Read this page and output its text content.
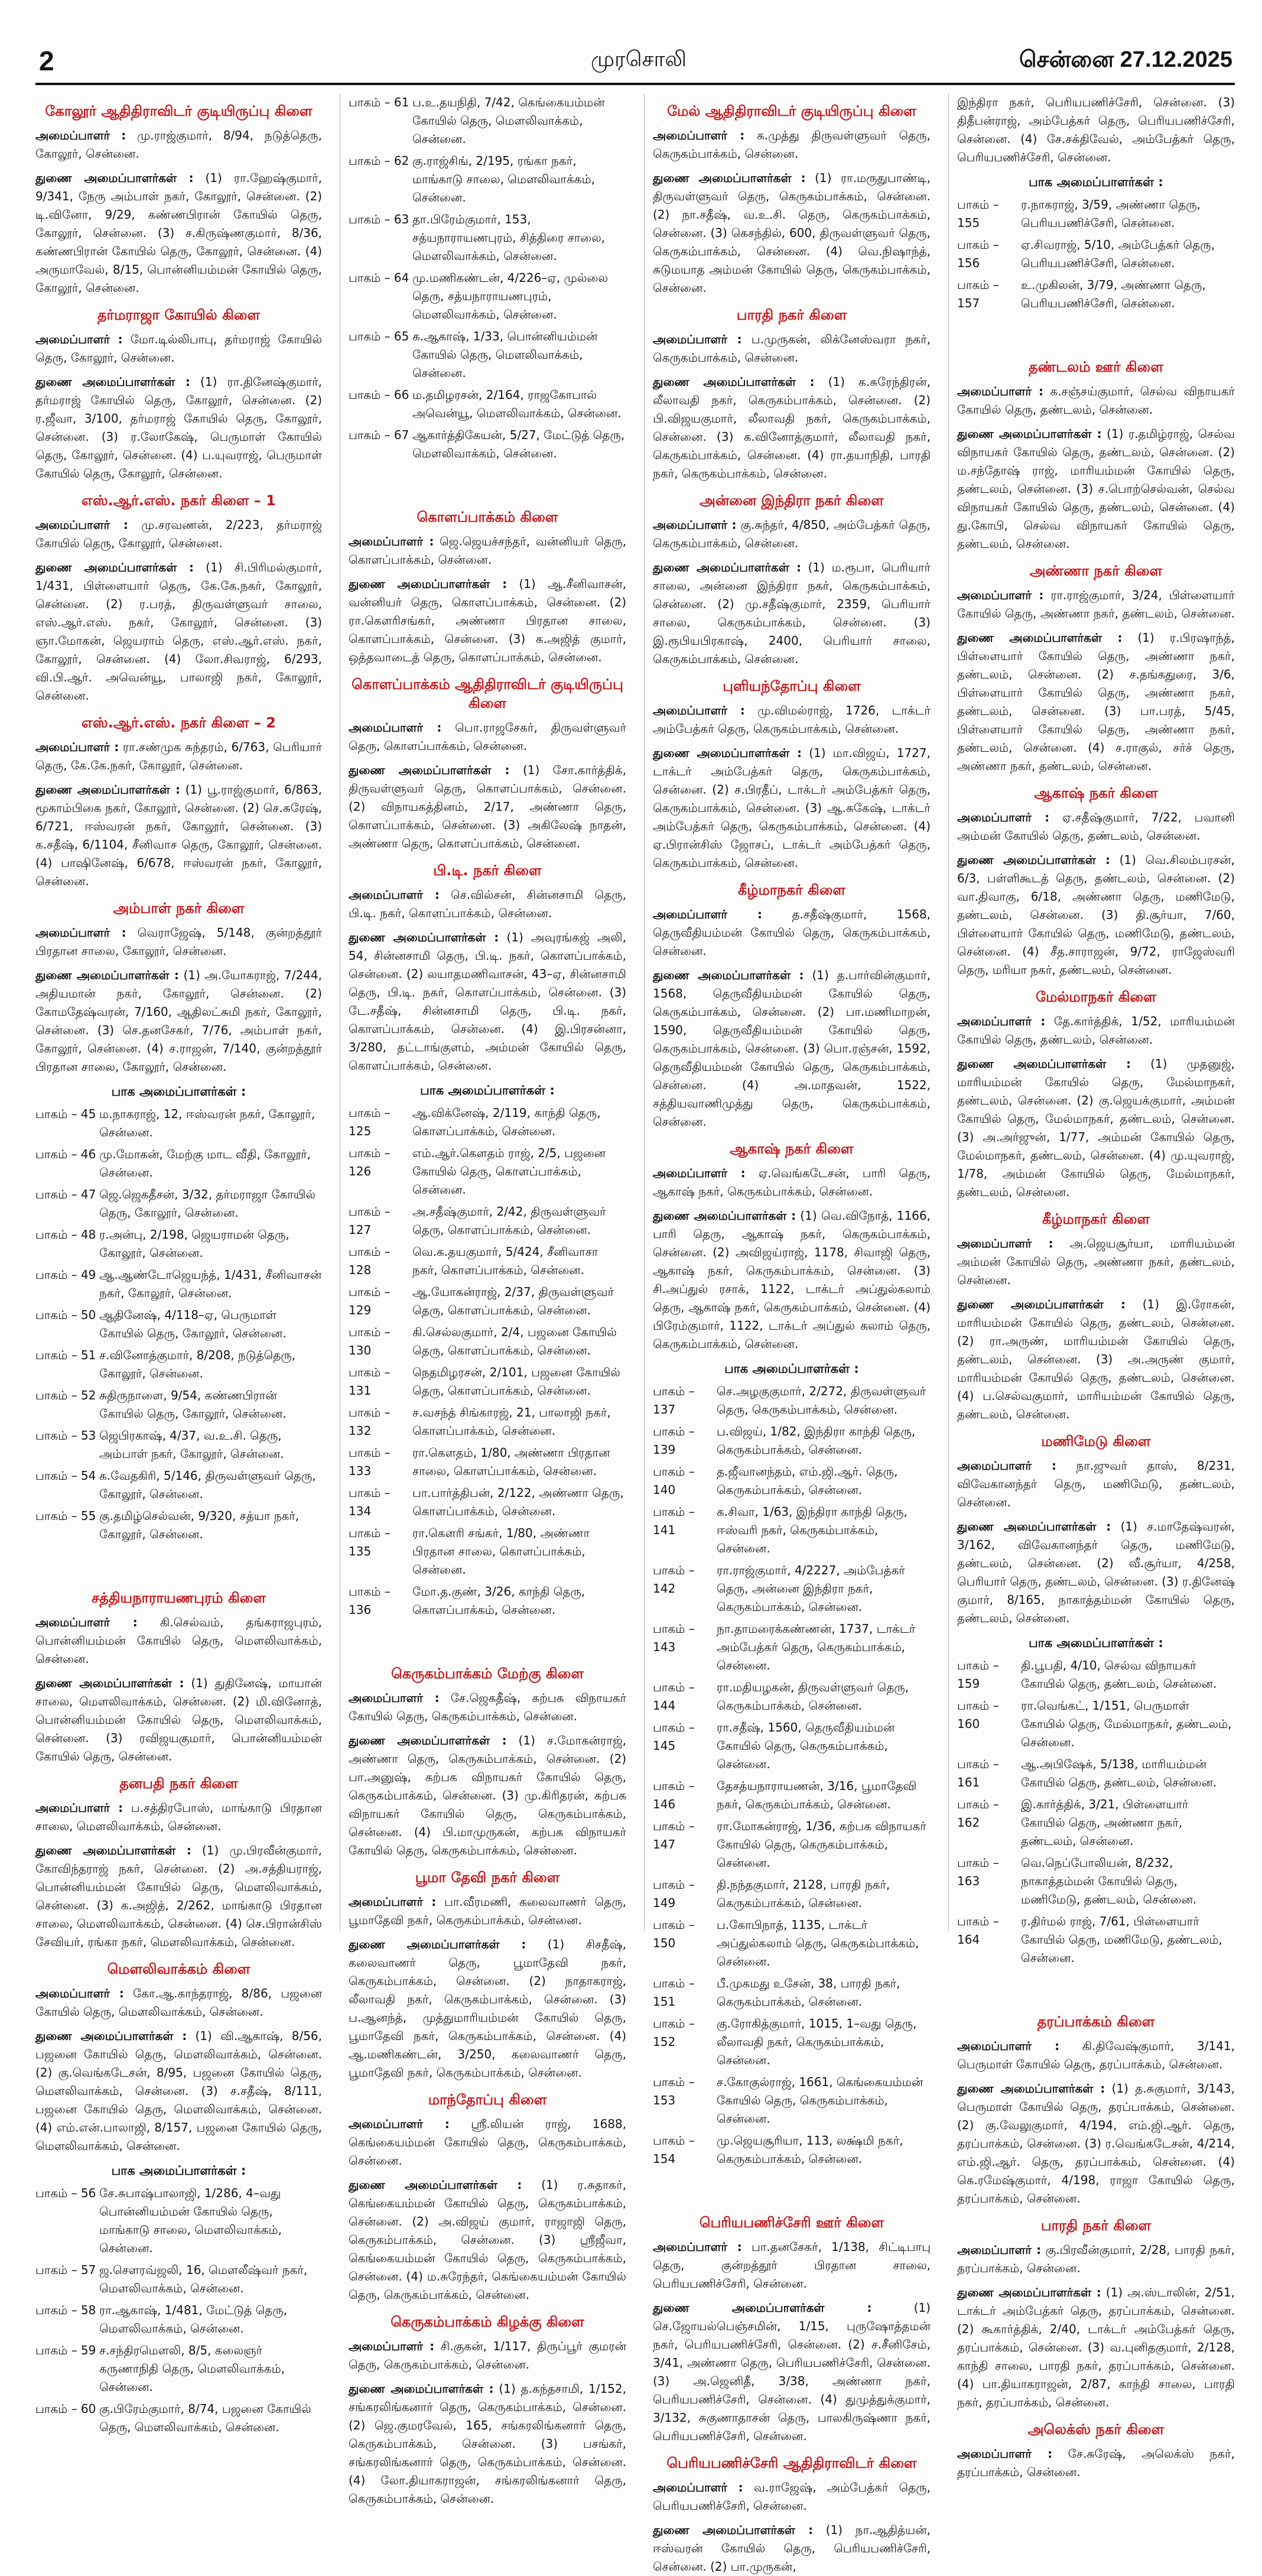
2	முரசொலி	சென்னை 27.12.2025
கோலூர் ஆதிதிராவிடர் குடியிருப்பு கிளை
அமைப்பாளர் : மு.ராஜ்குமார், 8/94, நடுத்தெரு, கோலூர், சென்னை.
துணை அமைப்பாளர்கள் : (1) ரா.ஹேஷ்குமார், 9/341, நேரு அம்பாள் நகர், கோலூர், சென்னை. (2) டி.வினோ, 9/29, கண்ணபிரான் கோயில் தெரு, கோலூர், சென்னை. (3) ச.கிருஷ்ணகுமார், 8/36, கண்ணபிரான் கோயில் தெரு, கோலூர், சென்னை. (4) அருமாவேல், 8/15, பொன்னியம்மன் கோயில் தெரு, கோலூர், சென்னை.
தர்மராஜா கோயில் கிளை
அமைப்பாளர் : மோ.டில்லிபாபு, தர்மராஜ் கோயில் தெரு, கோலூர், சென்னை.
துணை அமைப்பாளர்கள் : (1) ரா.தினேஷ்குமார், தர்மராஜ் கோயில் தெரு, கோலூர், சென்னை. (2) ர.ஜீவா, 3/100, தர்மராஜ் கோயில் தெரு, கோலூர், சென்னை. (3) ர.லோகேஷ், பெருமாள் கோயில் தெரு, கோலூர், சென்னை. (4) ப.யுவராஜ், பெருமாள் கோயில் தெரு, கோலூர், சென்னை.
எஸ்.ஆர்.எஸ். நகர் கிளை – 1
அமைப்பாளர் : மு.சரவணன், 2/223, தர்மராஜ் கோயில் தெரு, கோலூர், சென்னை.
துணை அமைப்பாளர்கள் : (1) சி.பிரிமல்குமார், 1/431, பிள்ளையார் தெரு, கே.கே.நகர், கோலூர், சென்னை. (2) ர.பரத், திருவள்ளுவர் சாலை, எஸ்.ஆர்.எஸ். நகர், கோலூர், சென்னை. (3) ஞா.மோகன், ஜெயராம் தெரு, எஸ்.ஆர்.எஸ். நகர், கோலூர், சென்னை. (4) லோ.சிவராஜ், 6/293, வி.பி.ஆர். அவென்யூ, பாலாஜி நகர், கோலூர், சென்னை.
எஸ்.ஆர்.எஸ். நகர் கிளை – 2
அமைப்பாளர் : ரா.சண்முக சுந்தரம், 6/763, பெரியார் தெரு, கே.கே.நகர், கோலூர், சென்னை.
துணை அமைப்பாளர்கள் : (1) பூ.ராஜ்குமார், 6/863, மூகாம்பிகை நகர், கோலூர், சென்னை. (2) செ.சுரேஷ், 6/721, ஈஸ்வரன் நகர், கோலூர், சென்னை. (3) க.சதீஷ், 6/1104, சீனிவாச தெரு, கோலூர், சென்னை. (4) பாஷினேஷ், 6/678, ஈஸ்வரன் நகர், கோலூர், சென்னை.
அம்பாள் நகர் கிளை
அமைப்பாளர் : வெராஜேஷ், 5/148, குன்றத்தூர் பிரதான சாலை, கோலூர், சென்னை.
துணை அமைப்பாளர்கள் : (1) அ.யோகராஜ், 7/244, அதியமான் நகர், கோலூர், சென்னை. (2) கோமதேஷ்வரன், 7/160, ஆதிலட்சுமி நகர், கோலூர், சென்னை. (3) செ.தனசேகர், 7/76, அம்பாள் நகர், கோலூர், சென்னை. (4) ச.ராஜன், 7/140, குன்றத்தூர் பிரதான சாலை, கோலூர், சென்னை.
பாக அமைப்பாளர்கள் :
பாகம் – 45 ம.நாகராஜ், 12, ஈஸ்வரன் நகர், கோலூர், சென்னை.
பாகம் – 46 மு.மோகன், மேற்கு மாட வீதி, கோலூர், சென்னை.
பாகம் – 47 ஜெ.ஜெகதீசன், 3/32, தர்மராஜா கோயில் தெரு, கோலூர், சென்னை.
பாகம் – 48 ர.அன்பு, 2/198, ஜெயராமன் தெரு, கோலூர், சென்னை.
பாகம் – 49 ஆ.ஆண்டோஜெயந்த், 1/431, சீனிவாசன் நகர், கோலூர், சென்னை.
பாகம் – 50 ஆதினேஷ், 4/118–ஏ, பெருமாள் கோயில் தெரு, கோலூர், சென்னை.
பாகம் – 51 ச.வினோத்குமார், 8/208, நடுத்தெரு, கோலூர், சென்னை.
பாகம் – 52 சுதிருநாளை, 9/54, கண்ணபிரான் கோயில் தெரு, கோலூர், சென்னை.
பாகம் – 53 ஜெபிரகாஷ், 4/37, வ.உ.சி. தெரு, அம்பாள் நகர், கோலூர், சென்னை.
பாகம் – 54 க.வேதகிரி, 5/146, திருவள்ளுவர் தெரு, கோலூர், சென்னை.
பாகம் – 55 கு.தமிழ்செல்வன், 9/320, சத்யா நகர், கோலூர், சென்னை.
சத்தியநாராயணபுரம் கிளை
அமைப்பாளர் : கி.செல்வம், தங்கராஜபுரம், பொன்னியம்மன் கோயில் தெரு, மௌலிவாக்கம், சென்னை.
துணை அமைப்பாளர்கள் : (1) துதினேஷ், மாயான் சாலை, மௌலிவாக்கம், சென்னை. (2) மி.வினோத், பொன்னியம்மன் கோயில் தெரு, மௌலிவாக்கம், சென்னை. (3) ரவிஜயகுமார், பொன்னியம்மன் கோயில் தெரு, சென்னை.
தனபதி நகர் கிளை
அமைப்பாளர் : ப.சத்திரபோஸ், மாங்காடு பிரதான சாலை, மௌலிவாக்கம், சென்னை.
துணை அமைப்பாளர்கள் : (1) மு.பிரவீன்குமார், கோவிந்தராஜ் நகர், சென்னை. (2) அ.சத்தியராஜ், பொன்னியம்மன் கோயில் தெரு, மௌலிவாக்கம், சென்னை. (3) க.அஜித், 2/262, மாங்காடு பிரதான சாலை, மௌலிவாக்கம், சென்னை. (4) செ.பிரான்சிஸ் சேவியர், ரங்கா நகர், மௌலிவாக்கம், சென்னை.
மௌலிவாக்கம் கிளை
அமைப்பாளர் : கோ.ஆ.காந்தராஜ், 8/86, பஜனை கோயில் தெரு, மௌலிவாக்கம், சென்னை.
துணை அமைப்பாளர்கள் : (1) வி.ஆகாஷ், 8/56, பஜனை கோயில் தெரு, மௌலிவாக்கம், சென்னை. (2) கு.வெங்கடேசன், 8/95, பஜனை கோயில் தெரு, மௌலிவாக்கம், சென்னை. (3) ச.சதீஷ், 8/111, பஜனை கோயில் தெரு, மௌலிவாக்கம், சென்னை. (4) எம்.என்.பாலாஜி, 8/157, பஜனை கோயில் தெரு, மௌலிவாக்கம், சென்னை.
பாக அமைப்பாளர்கள் :
பாகம் – 56 சே.சுபாஷ்பாலாஜி, 1/286, 4–வது பொன்னியம்மன் கோயில் தெரு, மாங்காடு சாலை, மௌலிவாக்கம், சென்னை.
பாகம் – 57 ஜ.சௌரவ்ஜலி, 16, மௌலீஷ்வர் நகர், மௌலிவாக்கம், சென்னை.
பாகம் – 58 ரா.ஆகாஷ், 1/481, மேட்டுத் தெரு, மௌலிவாக்கம், சென்னை.
பாகம் – 59 ச.சந்திரமௌலி, 8/5, கலைஞர் கருணாநிதி தெரு, மௌலிவாக்கம், சென்னை.
பாகம் – 60 கு.பிரேம்குமார், 8/74, பஜனை கோயில் தெரு, மௌலிவாக்கம், சென்னை.
பாகம் – 61 ப.உ.தயநிதி, 7/42, கெங்கையம்மன் கோயில் தெரு, மௌலிவாக்கம், சென்னை.
பாகம் – 62 கு.ராஜ்சிங், 2/195, ரங்கா நகர், மாங்காடு சாலை, மௌலிவாக்கம், சென்னை.
பாகம் – 63 தா.பிரேம்குமார், 153, சத்யநாராயணபுரம், சித்திரை சாலை, மௌலிவாக்கம், சென்னை.
பாகம் – 64 மு.மணிகண்டன், 4/226–ஏ, முல்லை தெரு, சத்யநாராயணபுரம், மௌலிவாக்கம், சென்னை.
பாகம் – 65 க.ஆகாஷ், 1/33, பொன்னியம்மன் கோயில் தெரு, மௌலிவாக்கம், சென்னை.
பாகம் – 66 ம.தமிழரசன், 2/164, ராஜகோபால் அவென்யூ, மௌலிவாக்கம், சென்னை.
பாகம் – 67 ஆகார்த்திகேயன், 5/27, மேட்டுத் தெரு, மௌலிவாக்கம், சென்னை.
கொளப்பாக்கம் கிளை
அமைப்பாளர் : ஜெ.ஜெயச்சந்தர், வன்னியர் தெரு, கொளப்பாக்கம், சென்னை.
துணை அமைப்பாளர்கள் : (1) ஆ.சீனிவாசன், வன்னியர் தெரு, கொளப்பாக்கம், சென்னை. (2) ரா.கௌரிசங்கர், அண்ணா பிரதான சாலை, கொளப்பாக்கம், சென்னை. (3) க.அஜித் குமார், ஒத்தவாடைத் தெரு, கொளப்பாக்கம், சென்னை.
கொளப்பாக்கம் ஆதிதிராவிடர் குடியிருப்பு கிளை
அமைப்பாளர் : பொ.ராஜசேகர், திருவள்ளுவர் தெரு, கொளப்பாக்கம், சென்னை.
துணை அமைப்பாளர்கள் : (1) சோ.கார்த்திக், திருவள்ளுவர் தெரு, கொளப்பாக்கம், சென்னை. (2) விநாயகத்தினம், 2/17, அண்ணா தெரு, கொளப்பாக்கம், சென்னை. (3) அகிலேஷ் நாதன், அண்ணா தெரு, கொளப்பாக்கம், சென்னை.
பி.டி. நகர் கிளை
அமைப்பாளர் : செ.வில்சன், சின்னசாமி தெரு, பி.டி. நகர், கொளப்பாக்கம், சென்னை.
துணை அமைப்பாளர்கள் : (1) அவுரங்கஜ் அலி, 54, சின்னசாமி தெரு, பி.டி. நகர், கொளப்பாக்கம், சென்னை. (2) லயாதமணிவாசன், 43–ஏ, சின்னசாமி தெரு, பி.டி. நகர், கொளப்பாக்கம், சென்னை. (3) டே.சதீஷ், சின்னசாமி தெரு, பி.டி. நகர், கொளப்பாக்கம், சென்னை. (4) இ.பிரசன்னா, 3/280, தட்டாங்குளம், அம்மன் கோயில் தெரு, கொளப்பாக்கம், சென்னை.
பாக அமைப்பாளர்கள் :
பாகம் – 125
ஆ.விக்னேஷ், 2/119, காந்தி தெரு, கொளப்பாக்கம், சென்னை.
பாகம் – 126
எம்.ஆர்.கௌதம் ராஜ், 2/5, பஜனை கோயில் தெரு, கொளப்பாக்கம், சென்னை.
பாகம் – 127
அ.சதீஷ்குமார், 2/42, திருவள்ளுவர் தெரு, கொளப்பாக்கம், சென்னை.
பாகம் – 128
வெ.க.தயகுமார், 5/424, சீனிவாசா நகர், கொளப்பாக்கம், சென்னை.
பாகம் – 129
ஆ.யோகன்ராஜ், 2/37, திருவள்ளுவர் தெரு, கொளப்பாக்கம், சென்னை.
பாகம் – 130
கி.செல்லகுமார், 2/4, பஜனை கோயில் தெரு, கொளப்பாக்கம், சென்னை.
பாகம் – 131
நெதமிழரசன், 2/101, பஜனை கோயில் தெரு, கொளப்பாக்கம், சென்னை.
பாகம் – 132
ச.வசந்த் சிங்காரஜ், 21, பாலாஜி நகர், கொளப்பாக்கம், சென்னை.
பாகம் – 133
ரா.கௌதம், 1/80, அண்ணா பிரதான சாலை, கொளப்பாக்கம், சென்னை.
பாகம் – 134
பா.பார்த்திபன், 2/122, அண்ணா தெரு, கொளப்பாக்கம், சென்னை.
பாகம் – 135
ரா.கௌரி சங்கர், 1/80, அண்ணா பிரதான சாலை, கொளப்பாக்கம், சென்னை.
பாகம் – 136
மோ.த.குண், 3/26, காந்தி தெரு, கொளப்பாக்கம், சென்னை.
கெருகம்பாக்கம் மேற்கு கிளை
அமைப்பாளர் : சே.ஜெகதீஷ், கற்பக விநாயகர் கோயில் தெரு, கெருகம்பாக்கம், சென்னை.
துணை அமைப்பாளர்கள் : (1) ச.மோகன்ராஜ், அண்ணா தெரு, கெருகம்பாக்கம், சென்னை. (2) பா.அனுஷ், கற்பக விநாயகர் கோயில் தெரு, கெருகம்பாக்கம், சென்னை. (3) மு.கிரிதரன், கற்பக விநாயகர் கோயில் தெரு, கெருகம்பாக்கம், சென்னை. (4) பி.மாமுருகன், கற்பக விநாயகர் கோயில் தெரு, கெருகம்பாக்கம், சென்னை.
பூமா தேவி நகர் கிளை
அமைப்பாளர் : பா.வீரமணி, கலைவாணர் தெரு, பூமாதேவி நகர், கெருகம்பாக்கம், சென்னை.
துணை அமைப்பாளர்கள் : (1) சிசதீஷ், கலைவாணர் தெரு, பூமாதேவி நகர், கெருகம்பாக்கம், சென்னை. (2) நாதாகராஜ், லீலாவதி நகர், கெருகம்பாக்கம், சென்னை. (3) ப.ஆனந்த், முத்துமாரியம்மன் கோயில் தெரு, பூமாதேவி நகர், கெருகம்பாக்கம், சென்னை. (4) ஆ.மணிகண்டன், 3/250, கலைவாணர் தெரு, பூமாதேவி நகர், கெருகம்பாக்கம், சென்னை.
மாந்தோப்பு கிளை
அமைப்பாளர் : ஸ்ரீ.லியன் ராஜ், 1688, கெங்கையம்மன் கோயில் தெரு, கெருகம்பாக்கம், சென்னை.
துணை அமைப்பாளர்கள் : (1) ர.சுதாகர், கெங்கையம்மன் கோயில் தெரு, கெருகம்பாக்கம், சென்னை. (2) அ.விஜய் குமார், ராஜாஜி தெரு, கெருகம்பாக்கம், சென்னை. (3) ஸ்ரீஜீவா, கெங்கையம்மன் கோயில் தெரு, கெருகம்பாக்கம், சென்னை. (4) ம.சுரேந்தர், கெங்கையம்மன் கோயில் தெரு, கெருகம்பாக்கம், சென்னை.
கெருகம்பாக்கம் கிழக்கு கிளை
அமைப்பாளர் : சி.குகன், 1/117, திருப்பூர் குமரன் தெரு, கெருகம்பாக்கம், சென்னை.
துணை அமைப்பாளர்கள் : (1) த.கந்தசாமி, 1/152, சங்கரலிங்கனார் தெரு, கெருகம்பாக்கம், சென்னை. (2) ஜெ.குமரவேல், 165, சங்கரலிங்கனார் தெரு, கெருகம்பாக்கம், சென்னை. (3) பசங்கர், சங்கரலிங்கனார் தெரு, கெருகம்பாக்கம், சென்னை. (4) லோ.தியாகராஜன், சங்கரலிங்கனார் தெரு, கெருகம்பாக்கம், சென்னை.
மேல் ஆதிதிராவிடர் குடியிருப்பு கிளை
அமைப்பாளர் : க.முத்து திருவள்ளுவர் தெரு, கெருகம்பாக்கம், சென்னை.
துணை அமைப்பாளர்கள் : (1) ரா.மருதுபாண்டி, திருவள்ளுவர் தெரு, கெருகம்பாக்கம், சென்னை. (2) நா.சதீஷ், வ.உ.சி. தெரு, கெருகம்பாக்கம், சென்னை. (3) கெசந்தில், 600, திருவள்ளுவர் தெரு, கெருகம்பாக்கம், சென்னை. (4) வெ.நிஷாந்த், சுடுமயாத அம்மன் கோயில் தெரு, கெருகம்பாக்கம், சென்னை.
பாரதி நகர் கிளை
அமைப்பாளர் : ப.முருகன், லிக்னேஸ்வரா நகர், கெருகம்பாக்கம், சென்னை.
துணை அமைப்பாளர்கள் : (1) க.சுரேந்திரன், லீலாவதி நகர், கெருகம்பாக்கம், சென்னை. (2) பி.விஜயகுமார், லீலாவதி நகர், கெருகம்பாக்கம், சென்னை. (3) க.வினோத்குமார், லீலாவதி நகர், கெருகம்பாக்கம், சென்னை. (4) ரா.தயாநிதி, பாரதி நகர், கெருகம்பாக்கம், சென்னை.
அன்னை இந்திரா நகர் கிளை
அமைப்பாளர் : கு.சுந்தர், 4/850, அம்பேத்கர் தெரு, கெருகம்பாக்கம், சென்னை.
துணை அமைப்பாளர்கள் : (1) ம.ரூபா, பெரியார் சாலை, அன்னை இந்திரா நகர், கெருகம்பாக்கம், சென்னை. (2) மு.சதீஷ்குமார், 2359, பெரியார் சாலை, கெருகம்பாக்கம், சென்னை. (3) இ.ரூபியபிரகாஷ், 2400, பெரியார் சாலை, கெருகம்பாக்கம், சென்னை.
புளியந்தோப்பு கிளை
அமைப்பாளர் : மு.விமல்ராஜ், 1726, டாக்டர் அம்பேத்கர் தெரு, கெருகம்பாக்கம், சென்னை.
துணை அமைப்பாளர்கள் : (1) மா.விஜய், 1727, டாக்டர் அம்பேத்கர் தெரு, கெருகம்பாக்கம், சென்னை. (2) ச.பிரதீப், டாக்டர் அம்பேத்கர் தெரு, கெருகம்பாக்கம், சென்னை. (3) ஆ.சுகேஷ், டாக்டர் அம்பேத்கர் தெரு, கெருகம்பாக்கம், சென்னை. (4) ஏ.பிரான்சிஸ் ஜோசப், டாக்டர் அம்பேத்கர் தெரு, கெருகம்பாக்கம், சென்னை.
கீழ்மாநகர் கிளை
அமைப்பாளர் :	த.சதீஷ்குமார், 1568, தெருவீதியம்மன் கோயில் தெரு, கெருகம்பாக்கம், சென்னை.
துணை அமைப்பாளர்கள் : (1) த.பார்வின்குமார், 1568, தெருவீதியம்மன் கோயில் தெரு, கெருகம்பாக்கம், சென்னை. (2) பா.மணிமாறன், 1590, தெருவீதியம்மன் கோயில் தெரு, கெருகம்பாக்கம், சென்னை. (3) பொ.ரஞ்சன், 1592, தெருவீதியம்மன் கோயில் தெரு, கெருகம்பாக்கம், சென்னை. (4) அ.மாதவன், 1522, சத்தியவாணிமுத்து தெரு, கெருகம்பாக்கம், சென்னை.
ஆகாஷ் நகர் கிளை
அமைப்பாளர் : ஏ.வெங்கடேசன், பாரி தெரு, ஆகாஷ் நகர், கெருகம்பாக்கம், சென்னை.
துணை அமைப்பாளர்கள் : (1) வெ.விநோத், 1166, பாரி தெரு, ஆகாஷ் நகர், கெருகம்பாக்கம், சென்னை. (2) அவிஜய்ராஜ், 1178, சிவாஜி தெரு, ஆகாஷ் நகர், கெருகம்பாக்கம், சென்னை. (3) சி.அப்துல் ரசாக், 1122, டாக்டர் அப்துல்கலாம் தெரு, ஆகாஷ் நகர், கெருகம்பாக்கம், சென்னை. (4) பிரேம்குமார், 1122, டாக்டர் அப்துல் கலாம் தெரு, கெருகம்பாக்கம், சென்னை.
பாக அமைப்பாளர்கள் :
பாகம் – 137
செ.அழகுகுமார், 2/272, திருவள்ளுவர் தெரு, கெருகம்பாக்கம், சென்னை.
பாகம் – 139
ப.விஜய், 1/82, இந்திரா காந்தி தெரு, கெருகம்பாக்கம், சென்னை.
பாகம் – 140
த.ஜீவானந்தம், எம்.ஜி.ஆர். தெரு, கெருகம்பாக்கம், சென்னை.
பாகம் – 141
க.சிவா, 1/63, இந்திரா காந்தி தெரு, ஈஸ்வரி நகர், கெருகம்பாக்கம், சென்னை.
பாகம் – 142
ரா.ராஜ்குமார், 4/2227, அம்பேத்கர் தெரு, அன்னை இந்திரா நகர், கெருகம்பாக்கம், சென்னை.
பாகம் – 143
நா.தாமரைக்கண்ணன், 1737, டாக்டர் அம்பேத்கர் தெரு, கெருகம்பாக்கம், சென்னை.
பாகம் – 144
ரா.மதியழகன், திருவள்ளுவர் தெரு, கெருகம்பாக்கம், சென்னை.
பாகம் – 145
ரா.சதீஷ், 1560, தெருவீதியம்மன் கோயில் தெரு, கெருகம்பாக்கம், சென்னை.
பாகம் – 146
தேசத்யநாராயணன், 3/16, பூமாதேவி நகர், கெருகம்பாக்கம், சென்னை.
பாகம் – 147
ரா.மோகன்ராஜ், 1/36, கற்பக விநாயகர் கோயில் தெரு, கெருகம்பாக்கம், சென்னை.
பாகம் – 149
தி.நந்தகுமார், 2128, பாரதி நகர், கெருகம்பாக்கம், சென்னை.
பாகம் – 150
ப.கோபிநாத், 1135, டாக்டர் அப்துல்கலாம் தெரு, கெருகம்பாக்கம், சென்னை.
பாகம் – 151
பீ.முகமது உசேன், 38, பாரதி நகர், கெருகம்பாக்கம், சென்னை.
பாகம் – 152
கு.ரோகித்குமார், 1015, 1–வது தெரு, லீலாவதி நகர், கெருகம்பாக்கம், சென்னை.
பாகம் – 153
ச.கோகுல்ராஜ், 1661, கெங்கையம்மன் கோயில் தெரு, கெருகம்பாக்கம், சென்னை.
பாகம் – 154
மு.ஜெயசூரியா, 113, லக்ஷ்மி நகர், கெருகம்பாக்கம், சென்னை.
பெரியபணிச்சேரி ஊர் கிளை
அமைப்பாளர் : பா.தனசேகர், 1/138, சிட்டிபாபு தெரு, குன்றத்தூர் பிரதான சாலை, பெரியபணிச்சேரி, சென்னை.
துணை அமைப்பாளர்கள் :	(1) செ.ஜோயல்பெஞ்சமின், 1/15, புருஷோத்தமன் நகர், பெரியபணிச்சேரி, சென்னை. (2) ச.சீனிசேம், 3/41, அண்ணா தெரு, பெரியபணிச்சேரி, சென்னை. (3) அ.ஜெனிதீ, 3/38, அண்ணா நகர், பெரியபணிச்சேரி, சென்னை. (4) துமுத்துக்குமார், 3/132, சுகுணாதாசன் தெரு, பாலகிருஷ்ணா நகர், பெரியபணிச்சேரி, சென்னை.
பெரியபணிச்சேரி ஆதிதிராவிடர் கிளை
அமைப்பாளர் : வ.ராஜேஷ், அம்பேத்கர் தெரு, பெரியபணிச்சேரி, சென்னை.
துணை அமைப்பாளர்கள் : (1) நா.ஆதித்யன், ஈஸ்வரன் கோயில் தெரு, பெரியபணிச்சேரி, சென்னை. (2) பா.முருகன்,
இந்திரா நகர், பெரியபணிச்சேரி, சென்னை. (3) திதீபன்ராஜ், அம்பேத்கர் தெரு, பெரியபணிச்சேரி, சென்னை. (4) சே.சக்திவேல், அம்பேத்கர் தெரு, பெரியபணிச்சேரி, சென்னை.
பாக அமைப்பாளர்கள் :
பாகம் – 155
ர.நாகராஜ், 3/59, அண்ணா தெரு, பெரியபணிச்சேரி, சென்னை.
பாகம் – 156
ஏ.சிவராஜ், 5/10, அம்பேத்கர் தெரு, பெரியபணிச்சேரி, சென்னை.
பாகம் – 157
உ.முகிலன், 3/79, அண்ணா தெரு, பெரியபணிச்சேரி, சென்னை.
தண்டலம் ஊர் கிளை
அமைப்பாளர் : க.சஞ்சய்குமார், செல்வ விநாயகர் கோயில் தெரு, தண்டலம், சென்னை.
துணை அமைப்பாளர்கள் : (1) ர.தமிழ்ராஜ், செல்வ விநாயகர் கோயில் தெரு, தண்டலம், சென்னை. (2) ம.சந்தோஷ் ராஜ், மாரியம்மன் கோயில் தெரு, தண்டலம், சென்னை. (3) ச.பொற்செல்வன், செல்வ விநாயகர் கோயில் தெரு, தண்டலம், சென்னை. (4) து.கோபி, செல்வ விநாயகர் கோயில் தெரு, தண்டலம், சென்னை.
அண்ணா நகர் கிளை
அமைப்பாளர் : ரா.ராஜ்குமார், 3/24, பிள்ளையார் கோயில் தெரு, அண்ணா நகர், தண்டலம், சென்னை.
துணை அமைப்பாளர்கள் : (1) ர.பிரஷாந்த், பிள்ளையார் கோயில் தெரு, அண்ணா நகர், தண்டலம், சென்னை. (2) ச.தங்கதுரை, 3/6, பிள்ளையார் கோயில் தெரு, அண்ணா நகர், தண்டலம், சென்னை. (3) பா.பரத், 5/45, பிள்ளையார் கோயில் தெரு, அண்ணா நகர், தண்டலம், சென்னை. (4) ச.ராகுல், சர்ச் தெரு, அண்ணா நகர், தண்டலம், சென்னை.
ஆகாஷ் நகர் கிளை
அமைப்பாளர் : ஏ.சதீஷ்குமார், 7/22, பவானி அம்மன் கோயில் தெரு, தண்டலம், சென்னை.
துணை அமைப்பாளர்கள் : (1) வெ.சிலம்பரசன், 6/3, பள்ளிகூடத் தெரு, தண்டலம், சென்னை. (2) வா.திவாகு, 6/18, அண்ணா தெரு, மணிமேடு, தண்டலம், சென்னை. (3) தி.சூர்யா, 7/60, பிள்ளையார் கோயில் தெரு, மணிமேடு, தண்டலம், சென்னை. (4) சீத.சாராஜன், 9/72, ராஜேஸ்வரி தெரு, மரியா நகர், தண்டலம், சென்னை.
மேல்மாநகர் கிளை
அமைப்பாளர் : தே.கார்த்திக், 1/52, மாரியம்மன் கோயில் தெரு, தண்டலம், சென்னை.
துணை அமைப்பாளர்கள் : (1) முதனுஜ், மாரியம்மன் கோயில் தெரு, மேல்மாநகர், தண்டலம், சென்னை. (2) கு.ஜெயக்குமார், அம்மன் கோயில் தெரு, மேல்மாநகர், தண்டலம், சென்னை. (3) அ.அர்ஜுன், 1/77, அம்மன் கோயில் தெரு, மேல்மாநகர், தண்டலம், சென்னை. (4) மு.யுவராஜ், 1/78, அம்மன் கோயில் தெரு, மேல்மாநகர், தண்டலம், சென்னை.
கீழ்மாநகர் கிளை
அமைப்பாளர் : அ.ஜெயசூர்யா, மாரியம்மன் அம்மன் கோயில் தெரு, அண்ணா நகர், தண்டலம், சென்னை.
துணை அமைப்பாளர்கள் : (1) இ.ரோகன், மாரியம்மன் கோயில் தெரு, தண்டலம், சென்னை. (2) ரா.அருண், மாரியம்மன் கோயில் தெரு, தண்டலம், சென்னை. (3) அ.அருண் குமார், மாரியம்மன் கோயில் தெரு, தண்டலம், சென்னை. (4) ப.செல்வகுமார், மாரியம்மன் கோயில் தெரு, தண்டலம், சென்னை.
மணிமேடு கிளை
அமைப்பாளர் : நா.ஜுவர் தாஸ், 8/231, விவேகானந்தர் தெரு, மணிமேடு, தண்டலம், சென்னை.
துணை அமைப்பாளர்கள் : (1) ச.மாதேஷ்வரன், 3/162, விவேகானந்தர் தெரு, மணிமேடு, தண்டலம், சென்னை. (2) வீ.சூர்யா, 4/258, பெரியார் தெரு, தண்டலம், சென்னை. (3) ர.தினேஷ் குமார், 8/165, நாகாத்தம்மன் கோயில் தெரு, தண்டலம், சென்னை.
பாக அமைப்பாளர்கள் :
பாகம் – 159
தி.பூபதி, 4/10, செல்வ விநாயகர் கோயில் தெரு, தண்டலம், சென்னை.
பாகம் – 160
ரா.வெங்கட், 1/151, பெருமாள் கோயில் தெரு, மேல்மாநகர், தண்டலம், சென்னை.
பாகம் – 161
ஆ.அபிஷேக், 5/138, மாரியம்மன் கோயில் தெரு, தண்டலம், சென்னை.
பாகம் – 162
இ.கார்த்திக், 3/21, பிள்ளையார் கோயில் தெரு, அண்ணா நகர், தண்டலம், சென்னை.
பாகம் – 163
வெ.நெப்போலியன், 8/232, நாகாத்தம்மன் கோயில் தெரு, மணிமேடு, தண்டலம், சென்னை.
பாகம் – 164
ர.திர்மல் ராஜ், 7/61, பிள்ளையார் கோயில் தெரு, மணிமேடு, தண்டலம், சென்னை.
தரப்பாக்கம் கிளை
அமைப்பாளர் : கி.திவேஷ்குமார், 3/141, பெருமாள் கோயில் தெரு, தரப்பாக்கம், சென்னை.
துணை அமைப்பாளர்கள் : (1) த.சுகுமார், 3/143, பெருமாள் கோயில் தெரு, தரப்பாக்கம், சென்னை. (2) கு.வேலுகுமார், 4/194, எம்.ஜி.ஆர். தெரு, தரப்பாக்கம், சென்னை. (3) ர.வெங்கடேசன், 4/214, எம்.ஜி.ஆர். தெரு, தரப்பாக்கம், சென்னை. (4) கெ.ரமேஷ்குமார், 4/198, ராஜா கோயில் தெரு, தரப்பாக்கம், சென்னை.
பாரதி நகர் கிளை
அமைப்பாளர் : கு.பிரவீன்குமார், 2/28, பாரதி நகர், தரப்பாக்கம், சென்னை.
துணை அமைப்பாளர்கள் : (1) அ.ஸ்டாலின், 2/51, டாக்டர் அம்பேத்கர் தெரு, தரப்பாக்கம், சென்னை. (2) கூகார்த்திக், 2/40, டாக்டர் அம்பேத்கர் தெரு, தரப்பாக்கம், சென்னை. (3) வ.புனிதகுமார், 2/128, காந்தி சாலை, பாரதி நகர், தரப்பாக்கம், சென்னை. (4) பா.தியாகராஜன், 2/87, காந்தி சாலை, பாரதி நகர், தரப்பாக்கம், சென்னை.
அலெக்ஸ் நகர் கிளை
அமைப்பாளர் : சே.சுரேஷ், அலெக்ஸ் நகர், தரப்பாக்கம், சென்னை.
